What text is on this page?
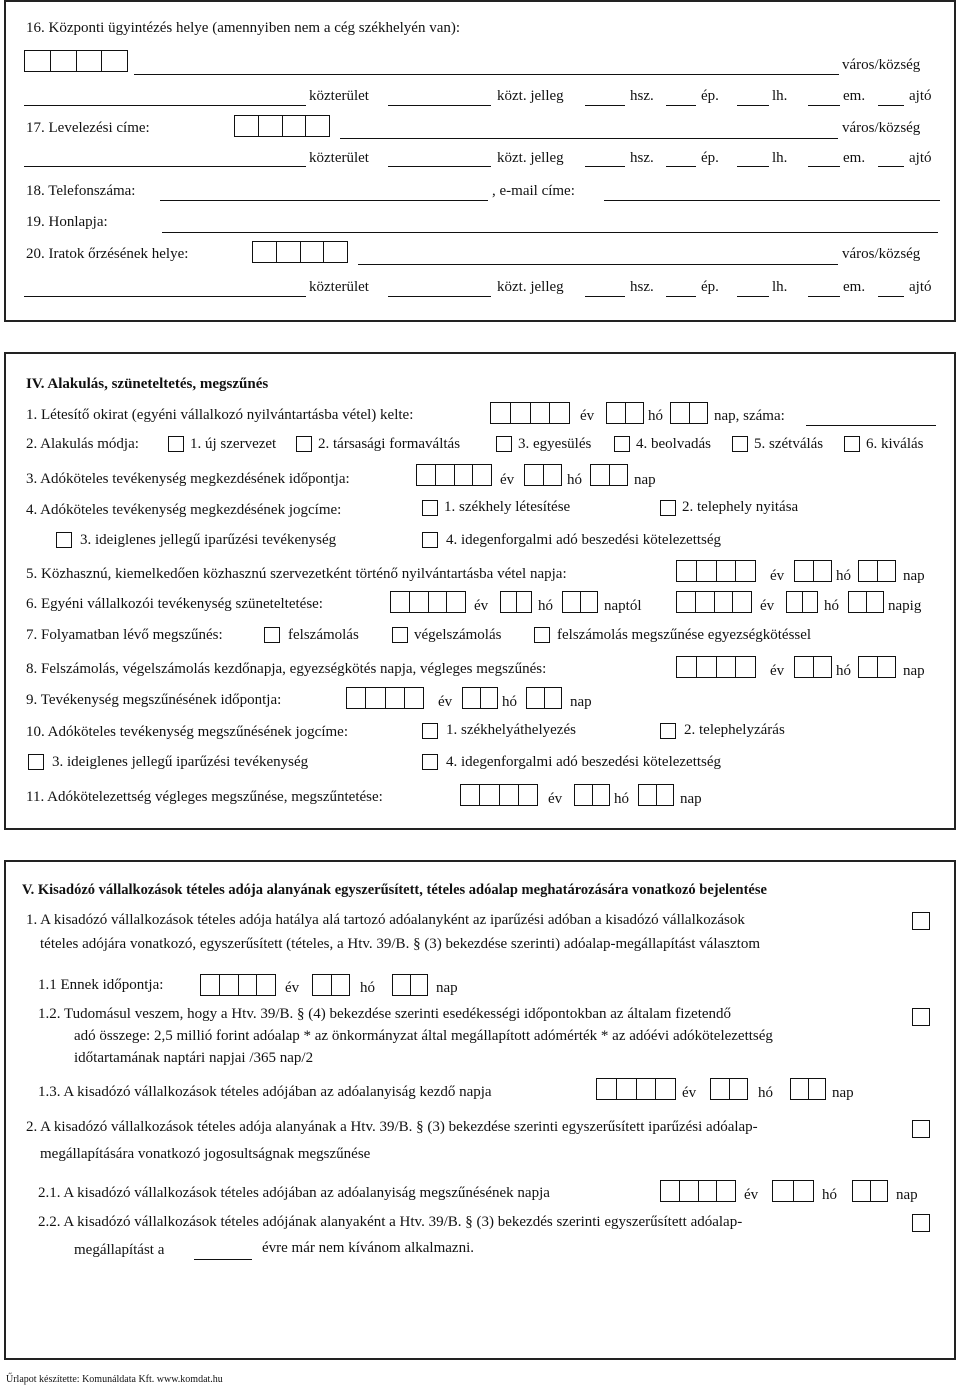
16. Központi ügyintézés helye (amennyiben nem a cég székhelyén van):
város/község
közterület	közt. jelleg	hsz.	ép.	lh.	em.	ajtó
17. Levelezési címe:	város/község
közterület	közt. jelleg	hsz.	ép.	lh.	em.	ajtó
18. Telefonszáma:	, e-mail címe:
19. Honlapja:
20. Iratok őrzésének helye:	város/község
közterület	közt. jelleg	hsz.	ép.	lh.	em.	ajtó
IV. Alakulás, szüneteltetés, megszűnés
1. Létesítő okirat (egyéni vállalkozó nyilvántartásba vétel) kelte:	év	hó	nap, száma:
2. Alakulás módja:	1. új szervezet	2. társasági formaváltás	3. egyesülés	4. beolvadás	5. szétválás	6. kiválás
3. Adóköteles tevékenység megkezdésének időpontja:	év	hó	nap
4. Adóköteles tevékenység megkezdésének jogcíme:	1. székhely létesítése	2. telephely nyitása
3. ideiglenes jellegű iparűzési tevékenység	4. idegenforgalmi adó beszedési kötelezettség
5. Közhasznú, kiemelkedően közhasznú szervezetként történő nyilvántartásba vétel napja:	év	hó	nap
6. Egyéni vállalkozói tevékenység szüneteltetése:	év	hó	naptól	év	hó	napig
7. Folyamatban lévő megszűnés:	felszámolás	végelszámolás	felszámolás megszűnése egyezségkötéssel
8. Felszámolás, végelszámolás kezdőnapja, egyezségkötés napja, végleges megszűnés:	év	hó	nap
9. Tevékenység megszűnésének időpontja:	év	hó	nap
10. Adóköteles tevékenység megszűnésének jogcíme:	1. székhelyáthelyezés	2. telephelyzárás
3. ideiglenes jellegű iparűzési tevékenység	4. idegenforgalmi adó beszedési kötelezettség
11. Adókötelezettség végleges megszűnése, megszűntetése:	év	hó	nap
V. Kisadózó vállalkozások tételes adója alanyának egyszerűsített, tételes adóalap meghatározására vonatkozó bejelentése
1. A kisadózó vállalkozások tételes adója hatálya alá tartozó adóalanyként az iparűzési adóban a kisadózó vállalkozások
tételes adójára vonatkozó, egyszerűsített (tételes, a Htv. 39/B. § (3) bekezdése szerinti) adóalap-megállapítást választom
1.1 Ennek időpontja:	év	hó	nap
1.2. Tudomásul veszem, hogy a Htv. 39/B. § (4) bekezdése szerinti esedékességi időpontokban az általam fizetendő
adó összege: 2,5 millió forint adóalap * az önkormányzat által megállapított adómérték * az adóévi adókötelezettség
időtartamának naptári napjai /365 nap/2
1.3. A kisadózó vállalkozások tételes adójában az adóalanyiság kezdő napja	év	hó	nap
2. A kisadózó vállalkozások tételes adója alanyának a Htv. 39/B. § (3) bekezdése szerinti egyszerűsített iparűzési adóalap-
megállapítására vonatkozó jogosultságnak megszűnése
2.1. A kisadózó vállalkozások tételes adójában az adóalanyiság megszűnésének napja	év	hó	nap
2.2. A kisadózó vállalkozások tételes adójának alanyaként a Htv. 39/B. § (3) bekezdés szerinti egyszerűsített adóalap-
megállapítást a	évre már nem kívánom alkalmazni.
Űrlapot készítette: Komunáldata Kft. www.komdat.hu
